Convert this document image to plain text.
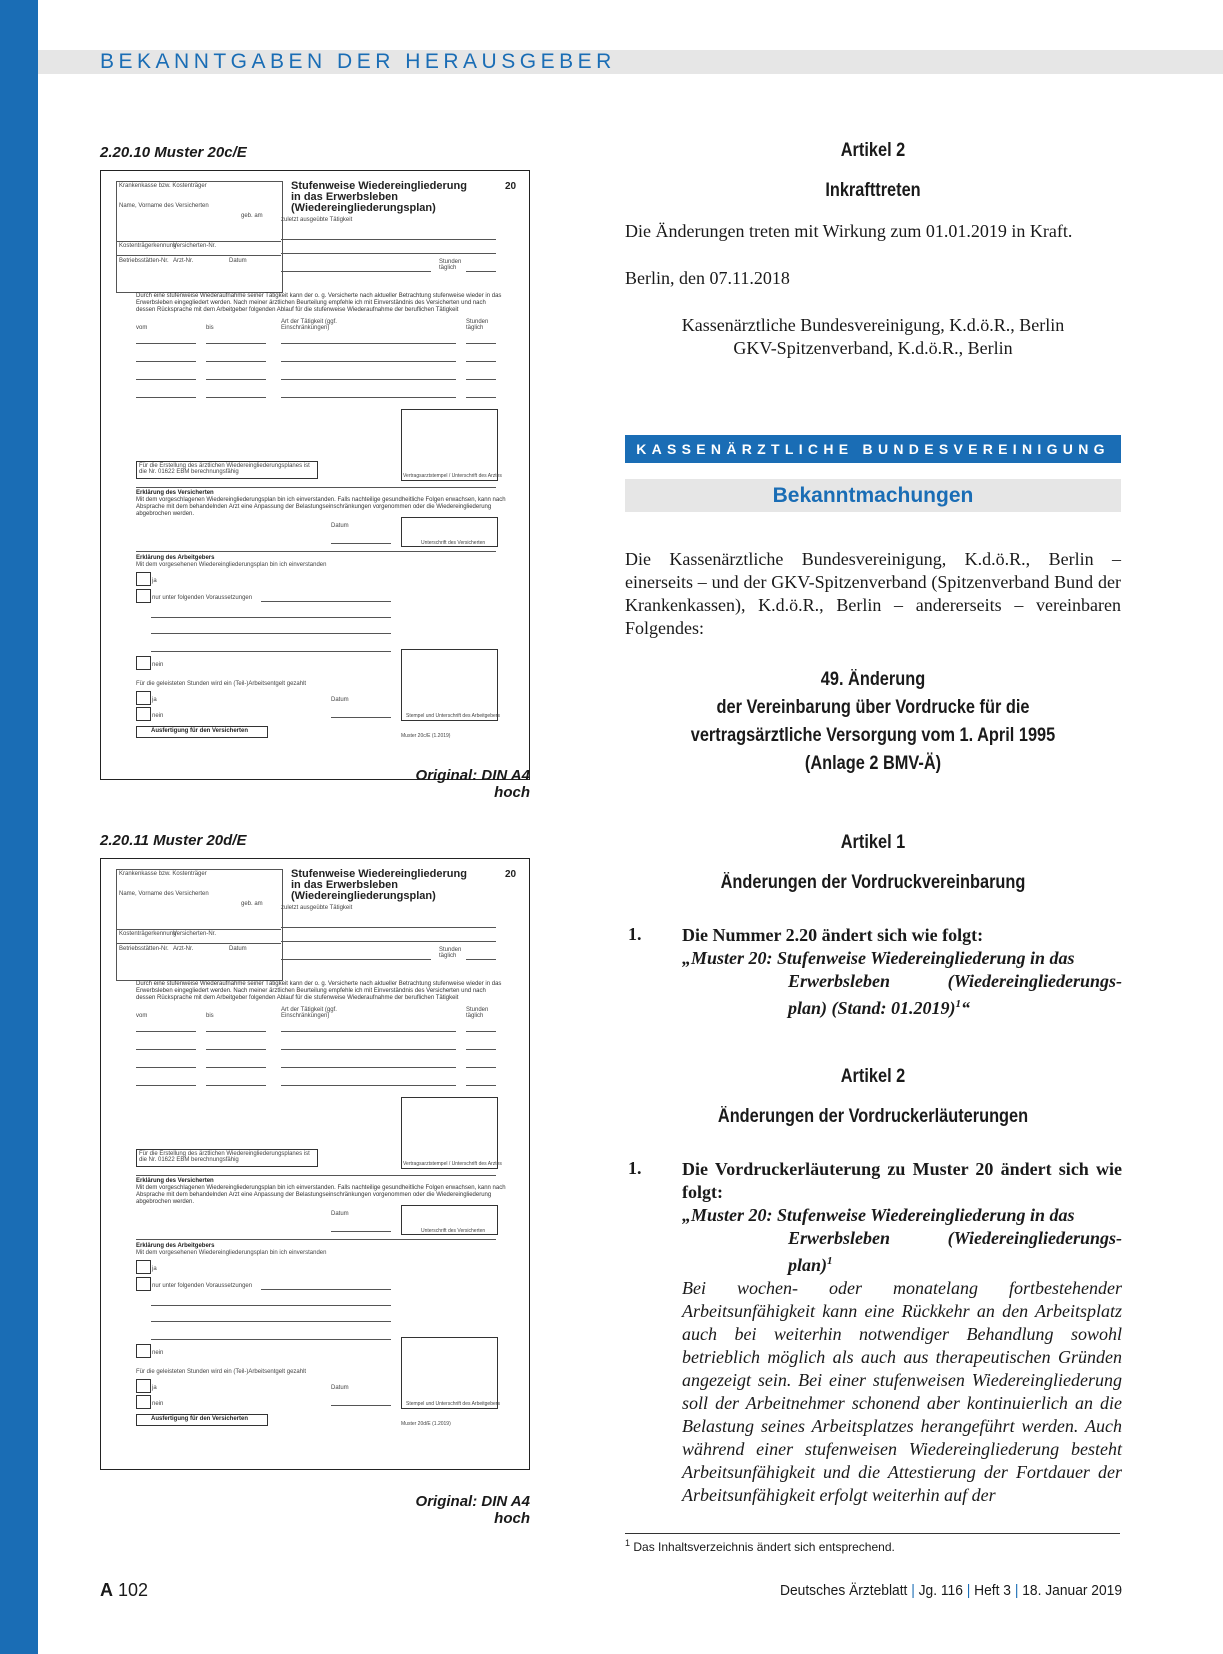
BEKANNTGABEN DER HERAUSGEBER
2.20.10 Muster 20c/E
Krankenkasse bzw. Kostenträger
Name, Vorname des Versicherten
geb. am
Kostenträgerkennung
Versicherten-Nr.
Betriebsstätten-Nr. Arzt-Nr.	Datum
Stufenweise Wiedereingliederung
in das Erwerbsleben
(Wiedereingliederungsplan)
20
zuletzt ausgeübte Tätigkeit
Stunden täglich
Durch eine stufenweise Wiederaufnahme seiner Tätigkeit kann der o. g. Versicherte nach aktueller Betrachtung stufenweise wieder in das Erwerbsleben eingegliedert werden. Nach meiner ärztlichen Beurteilung empfehle ich mit Einverständnis des Versicherten und nach dessen Rücksprache mit dem Arbeitgeber folgenden Ablauf für die stufenweise Wiederaufnahme der beruflichen Tätigkeit
vom	bis
Art der Tätigkeit (ggf. Einschränkungen)
Stunden täglich
Vertragsarztstempel / Unterschrift des Arztes
Für die Erstellung des ärztlichen Wiedereingliederungsplanes ist die Nr. 01622 EBM berechnungsfähig
Erklärung des Versicherten
Mit dem vorgeschlagenen Wiedereingliederungsplan bin ich einverstanden. Falls nachteilige gesundheitliche Folgen erwachsen, kann nach Absprache mit dem behandelnden Arzt eine Anpassung der Belastungseinschränkungen vorgenommen oder die Wiedereingliederung abgebrochen werden.
Datum
Unterschrift des Versicherten
Erklärung des Arbeitgebers
Mit dem vorgesehenen Wiedereingliederungsplan bin ich einverstanden
ja
nur unter folgenden Voraussetzungen
nein
Für die geleisteten Stunden wird ein (Teil-)Arbeitsentgelt gezahlt
ja
nein
Datum
Stempel und Unterschrift des Arbeitgebers
Ausfertigung für den Versicherten
Muster 20c/E (1.2019)
Original: DIN A4 hoch
2.20.11 Muster 20d/E
Krankenkasse bzw. Kostenträger
Name, Vorname des Versicherten
geb. am
Kostenträgerkennung
Versicherten-Nr.
Betriebsstätten-Nr. Arzt-Nr.	Datum
Stufenweise Wiedereingliederung
in das Erwerbsleben
(Wiedereingliederungsplan)
20
zuletzt ausgeübte Tätigkeit
Stunden täglich
Durch eine stufenweise Wiederaufnahme seiner Tätigkeit kann der o. g. Versicherte nach aktueller Betrachtung stufenweise wieder in das Erwerbsleben eingegliedert werden. Nach meiner ärztlichen Beurteilung empfehle ich mit Einverständnis des Versicherten und nach dessen Rücksprache mit dem Arbeitgeber folgenden Ablauf für die stufenweise Wiederaufnahme der beruflichen Tätigkeit
vom	bis
Art der Tätigkeit (ggf. Einschränkungen)
Stunden täglich
Vertragsarztstempel / Unterschrift des Arztes
Für die Erstellung des ärztlichen Wiedereingliederungsplanes ist die Nr. 01622 EBM berechnungsfähig
Erklärung des Versicherten
Mit dem vorgeschlagenen Wiedereingliederungsplan bin ich einverstanden. Falls nachteilige gesundheitliche Folgen erwachsen, kann nach Absprache mit dem behandelnden Arzt eine Anpassung der Belastungseinschränkungen vorgenommen oder die Wiedereingliederung abgebrochen werden.
Datum
Unterschrift des Versicherten
Erklärung des Arbeitgebers
Mit dem vorgesehenen Wiedereingliederungsplan bin ich einverstanden
ja
nur unter folgenden Voraussetzungen
nein
Für die geleisteten Stunden wird ein (Teil-)Arbeitsentgelt gezahlt
ja
nein
Datum
Stempel und Unterschrift des Arbeitgebers
Ausfertigung für den Versicherten
Muster 20d/E (1.2019)
Original: DIN A4 hoch
Artikel 2
Inkrafttreten
Die Änderungen treten mit Wirkung zum 01.01.2019 in Kraft.
Berlin, den 07.11.2018
Kassenärztliche Bundesvereinigung, K.d.ö.R., Berlin
GKV-Spitzenverband, K.d.ö.R., Berlin
KASSENÄRZTLICHE BUNDESVEREINIGUNG
Bekanntmachungen
Die Kassenärztliche Bundesvereinigung, K.d.ö.R., Berlin – einerseits – und der GKV-Spitzenverband (Spitzenverband Bund der Krankenkassen), K.d.ö.R., Berlin – andererseits – vereinbaren Folgendes:
49. Änderung
der Vereinbarung über Vordrucke für die
vertragsärztliche Versorgung vom 1. April 1995
(Anlage 2 BMV-Ä)
Artikel 1
Änderungen der Vordruckvereinbarung
1. Die Nummer 2.20 ändert sich wie folgt:
„Muster 20: Stufenweise Wiedereingliederung in das
Erwerbsleben (Wiedereingliederungs-
plan) (Stand: 01.2019)$^1$“
Artikel 2
Änderungen der Vordruckerläuterungen
1. Die Vordruckerläuterung zu Muster 20 ändert sich wie folgt:
„Muster 20: Stufenweise Wiedereingliederung in das
Erwerbsleben (Wiedereingliederungs-
plan)$^1$
Bei wochen- oder monatelang fortbestehender Arbeitsunfähigkeit kann eine Rückkehr an den Arbeitsplatz auch bei weiterhin notwendiger Behandlung sowohl betrieblich möglich als auch aus therapeutischen Gründen angezeigt sein. Bei einer stufenweisen Wiedereingliederung soll der Arbeitnehmer schonend aber kontinuierlich an die Belastung seines Arbeitsplatzes herangeführt werden. Auch während einer stufenweisen Wiedereingliederung besteht Arbeitsunfähigkeit und die Attestierung der Fortdauer der Arbeitsunfähigkeit erfolgt weiterhin auf der
$^1$ Das Inhaltsverzeichnis ändert sich entsprechend.
A 102	Deutsches Ärzteblatt | Jg. 116 | Heft 3 | 18. Januar 2019
